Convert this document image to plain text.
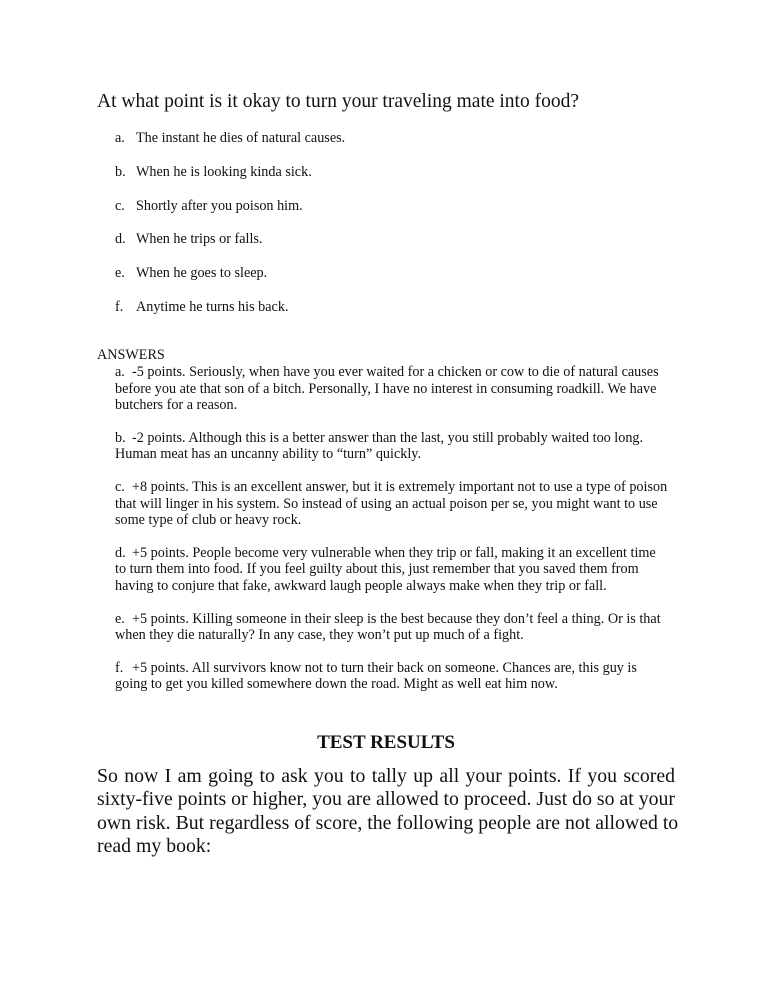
At what point is it okay to turn your traveling mate into food?
a. The instant he dies of natural causes.
b. When he is looking kinda sick.
c. Shortly after you poison him.
d. When he trips or falls.
e. When he goes to sleep.
f. Anytime he turns his back.
ANSWERS
a. -5 points. Seriously, when have you ever waited for a chicken or cow to die of natural causes
before you ate that son of a bitch. Personally, I have no interest in consuming roadkill. We have
butchers for a reason.
b. -2 points. Although this is a better answer than the last, you still probably waited too long.
Human meat has an uncanny ability to “turn” quickly.
c. +8 points. This is an excellent answer, but it is extremely important not to use a type of poison
that will linger in his system. So instead of using an actual poison per se, you might want to use
some type of club or heavy rock.
d. +5 points. People become very vulnerable when they trip or fall, making it an excellent time
to turn them into food. If you feel guilty about this, just remember that you saved them from
having to conjure that fake, awkward laugh people always make when they trip or fall.
e. +5 points. Killing someone in their sleep is the best because they don’t feel a thing. Or is that
when they die naturally? In any case, they won’t put up much of a fight.
f. +5 points. All survivors know not to turn their back on someone. Chances are, this guy is
going to get you killed somewhere down the road. Might as well eat him now.
TEST RESULTS
So now I am going to ask you to tally up all your points. If you scored
sixty-five points or higher, you are allowed to proceed. Just do so at your
own risk. But regardless of score, the following people are not allowed to
read my book:
